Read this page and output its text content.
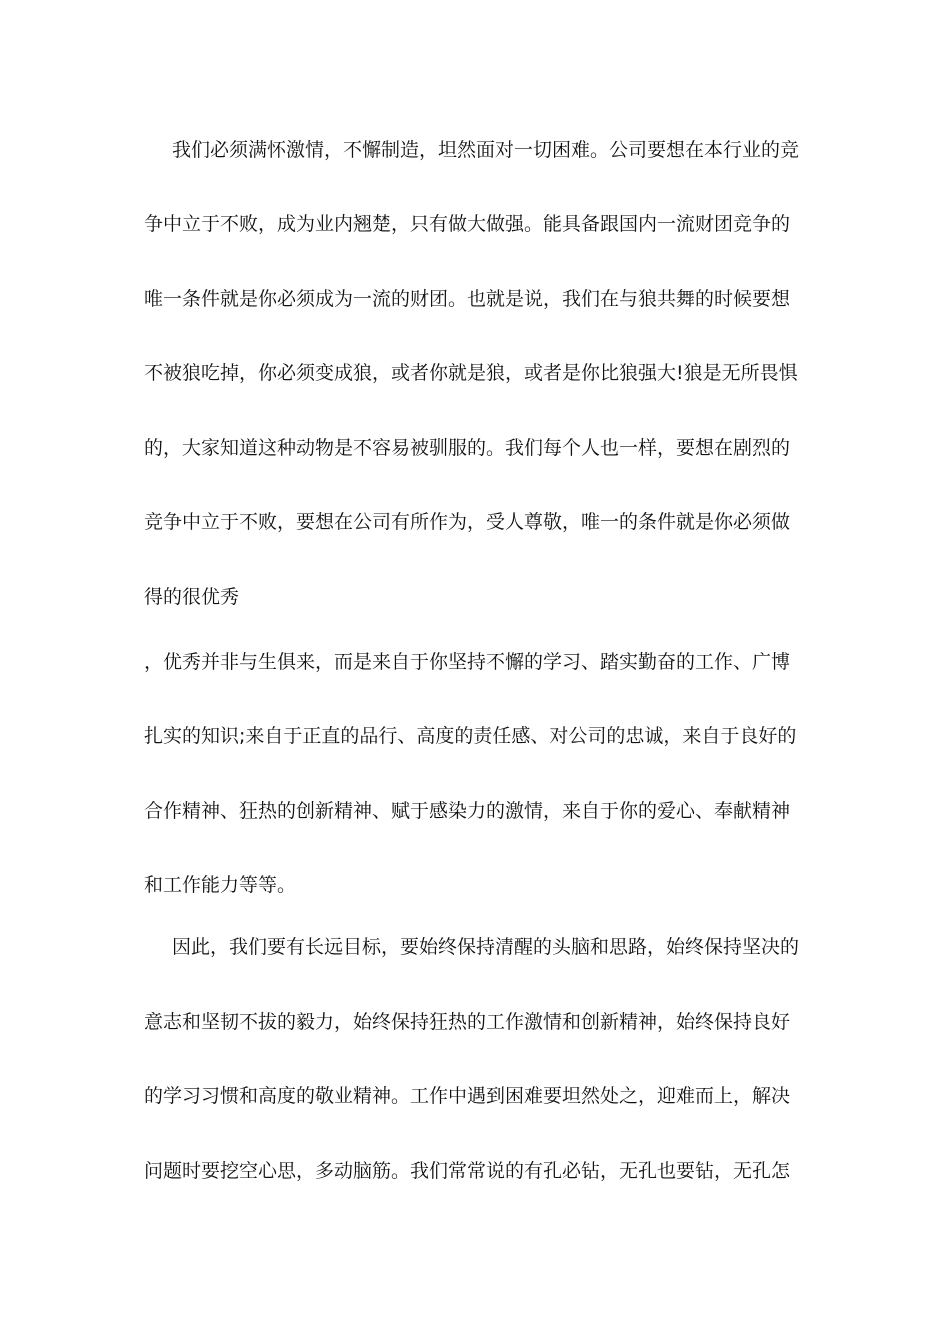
我们必须满怀激情，不懈制造，坦然面对一切困难。公司要想在本行业的竞
争中立于不败，成为业内翘楚，只有做大做强。能具备跟国内一流财团竞争的
唯一条件就是你必须成为一流的财团。也就是说，我们在与狼共舞的时候要想
不被狼吃掉，你必须变成狼，或者你就是狼，或者是你比狼强大!狼是无所畏惧
的，大家知道这种动物是不容易被驯服的。我们每个人也一样，要想在剧烈的
竞争中立于不败，要想在公司有所作为，受人尊敬，唯一的条件就是你必须做
得的很优秀
，优秀并非与生俱来，而是来自于你坚持不懈的学习、踏实勤奋的工作、广博
扎实的知识;来自于正直的品行、高度的责任感、对公司的忠诚，来自于良好的
合作精神、狂热的创新精神、赋于感染力的激情，来自于你的爱心、奉献精神
和工作能力等等。
因此，我们要有长远目标，要始终保持清醒的头脑和思路，始终保持坚决的
意志和坚韧不拔的毅力，始终保持狂热的工作激情和创新精神，始终保持良好
的学习习惯和高度的敬业精神。工作中遇到困难要坦然处之，迎难而上，解决
问题时要挖空心思，多动脑筋。我们常常说的有孔必钻，无孔也要钻，无孔怎
